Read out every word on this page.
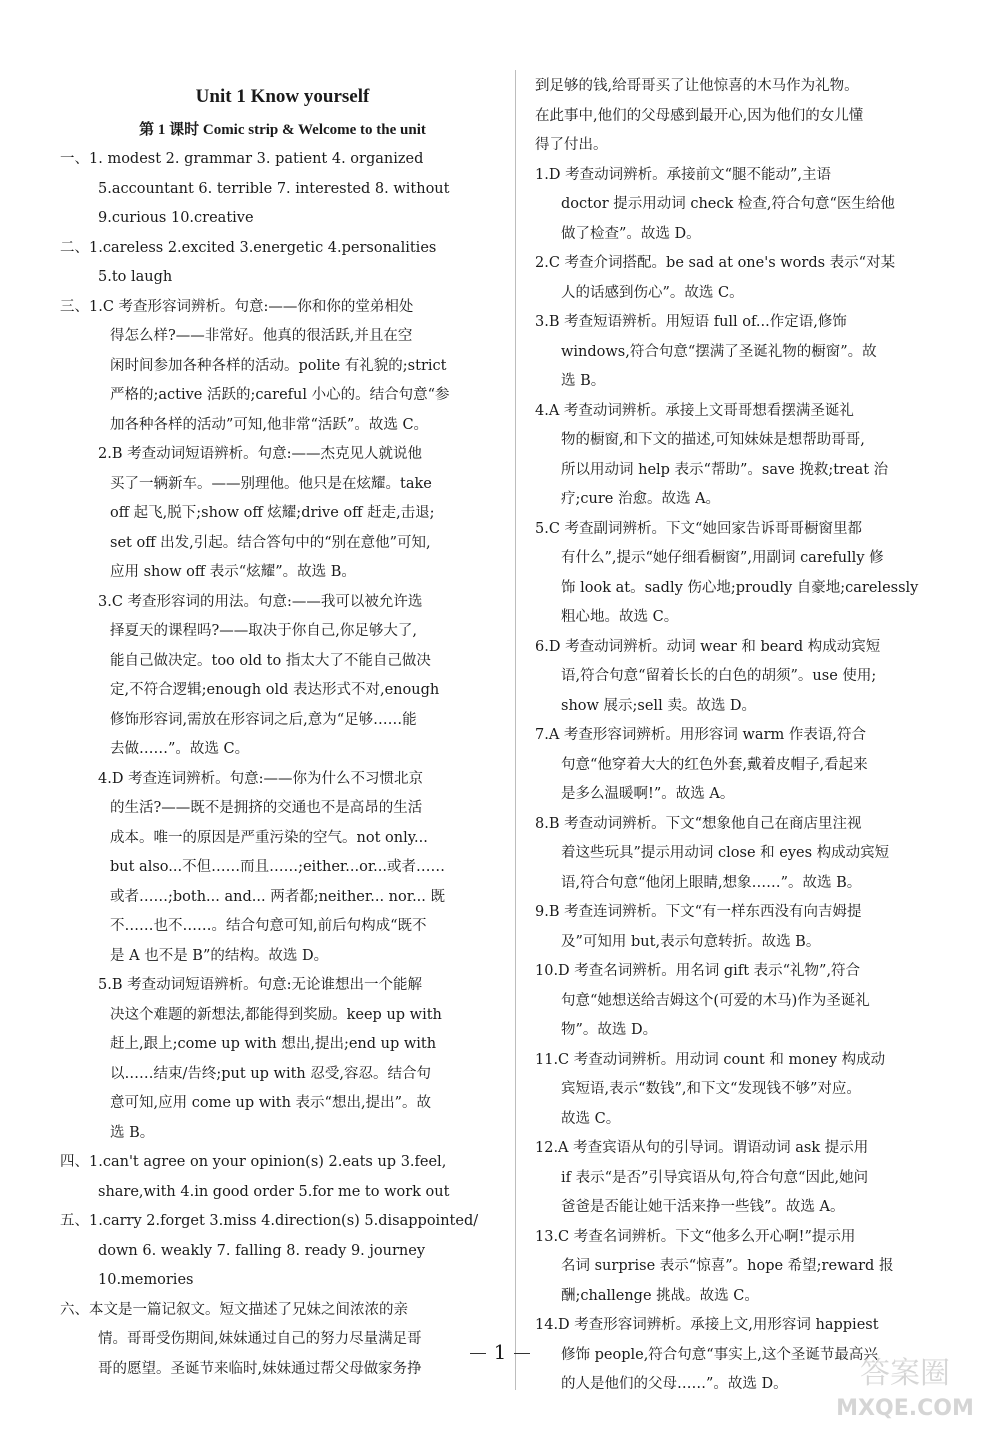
Unit 1 Know yourself
第 1 课时 Comic strip & Welcome to the unit
一、1. modest 2. grammar 3. patient 4. organized
5.accountant 6. terrible 7. interested 8. without
9.curious 10.creative
二、1.careless 2.excited 3.energetic 4.personalities
5.to laugh
三、1.C 考查形容词辨析。句意:——你和你的堂弟相处
得怎么样?——非常好。他真的很活跃,并且在空
闲时间参加各种各样的活动。polite 有礼貌的;strict
严格的;active 活跃的;careful 小心的。结合句意“参
加各种各样的活动”可知,他非常“活跃”。故选 C。
2.B 考查动词短语辨析。句意:——杰克见人就说他
买了一辆新车。——别理他。他只是在炫耀。take
off 起飞,脱下;show off 炫耀;drive off 赶走,击退;
set off 出发,引起。结合答句中的“别在意他”可知,
应用 show off 表示“炫耀”。故选 B。
3.C 考查形容词的用法。句意:——我可以被允许选
择夏天的课程吗?——取决于你自己,你足够大了,
能自己做决定。too old to 指太大了不能自己做决
定,不符合逻辑;enough old 表达形式不对,enough
修饰形容词,需放在形容词之后,意为“足够……能
去做……”。故选 C。
4.D 考查连词辨析。句意:——你为什么不习惯北京
的生活?——既不是拥挤的交通也不是高昂的生活
成本。唯一的原因是严重污染的空气。not only...
but also...不但……而且……;either...or...或者……
或者……;both... and... 两者都;neither... nor... 既
不……也不……。结合句意可知,前后句构成“既不
是 A 也不是 B”的结构。故选 D。
5.B 考查动词短语辨析。句意:无论谁想出一个能解
决这个难题的新想法,都能得到奖励。keep up with
赶上,跟上;come up with 想出,提出;end up with
以……结束/告终;put up with 忍受,容忍。结合句
意可知,应用 come up with 表示“想出,提出”。故
选 B。
四、1.can't agree on your opinion(s) 2.eats up 3.feel,
share,with 4.in good order 5.for me to work out
五、1.carry 2.forget 3.miss 4.direction(s) 5.disappointed/
down 6. weakly 7. falling 8. ready 9. journey
10.memories
六、本文是一篇记叙文。短文描述了兄妹之间浓浓的亲
情。哥哥受伤期间,妹妹通过自己的努力尽量满足哥
哥的愿望。圣诞节来临时,妹妹通过帮父母做家务挣
到足够的钱,给哥哥买了让他惊喜的木马作为礼物。
在此事中,他们的父母感到最开心,因为他们的女儿懂
得了付出。
1.D 考查动词辨析。承接前文“腿不能动”,主语
doctor 提示用动词 check 检查,符合句意“医生给他
做了检查”。故选 D。
2.C 考查介词搭配。be sad at one's words 表示“对某
人的话感到伤心”。故选 C。
3.B 考查短语辨析。用短语 full of...作定语,修饰
windows,符合句意“摆满了圣诞礼物的橱窗”。故
选 B。
4.A 考查动词辨析。承接上文哥哥想看摆满圣诞礼
物的橱窗,和下文的描述,可知妹妹是想帮助哥哥,
所以用动词 help 表示“帮助”。save 挽救;treat 治
疗;cure 治愈。故选 A。
5.C 考查副词辨析。下文“她回家告诉哥哥橱窗里都
有什么”,提示“她仔细看橱窗”,用副词 carefully 修
饰 look at。sadly 伤心地;proudly 自豪地;carelessly
粗心地。故选 C。
6.D 考查动词辨析。动词 wear 和 beard 构成动宾短
语,符合句意“留着长长的白色的胡须”。use 使用;
show 展示;sell 卖。故选 D。
7.A 考查形容词辨析。用形容词 warm 作表语,符合
句意“他穿着大大的红色外套,戴着皮帽子,看起来
是多么温暖啊!”。故选 A。
8.B 考查动词辨析。下文“想象他自己在商店里注视
着这些玩具”提示用动词 close 和 eyes 构成动宾短
语,符合句意“他闭上眼睛,想象……”。故选 B。
9.B 考查连词辨析。下文“有一样东西没有向吉姆提
及”可知用 but,表示句意转折。故选 B。
10.D 考查名词辨析。用名词 gift 表示“礼物”,符合
句意“她想送给吉姆这个(可爱的木马)作为圣诞礼
物”。故选 D。
11.C 考查动词辨析。用动词 count 和 money 构成动
宾短语,表示“数钱”,和下文“发现钱不够”对应。
故选 C。
12.A 考查宾语从句的引导词。谓语动词 ask 提示用
if 表示“是否”引导宾语从句,符合句意“因此,她问
爸爸是否能让她干活来挣一些钱”。故选 A。
13.C 考查名词辨析。下文“他多么开心啊!”提示用
名词 surprise 表示“惊喜”。hope 希望;reward 报
酬;challenge 挑战。故选 C。
14.D 考查形容词辨析。承接上文,用形容词 happiest
修饰 people,符合句意“事实上,这个圣诞节最高兴
的人是他们的父母……”。故选 D。
1
答案圈
MXQE.COM
